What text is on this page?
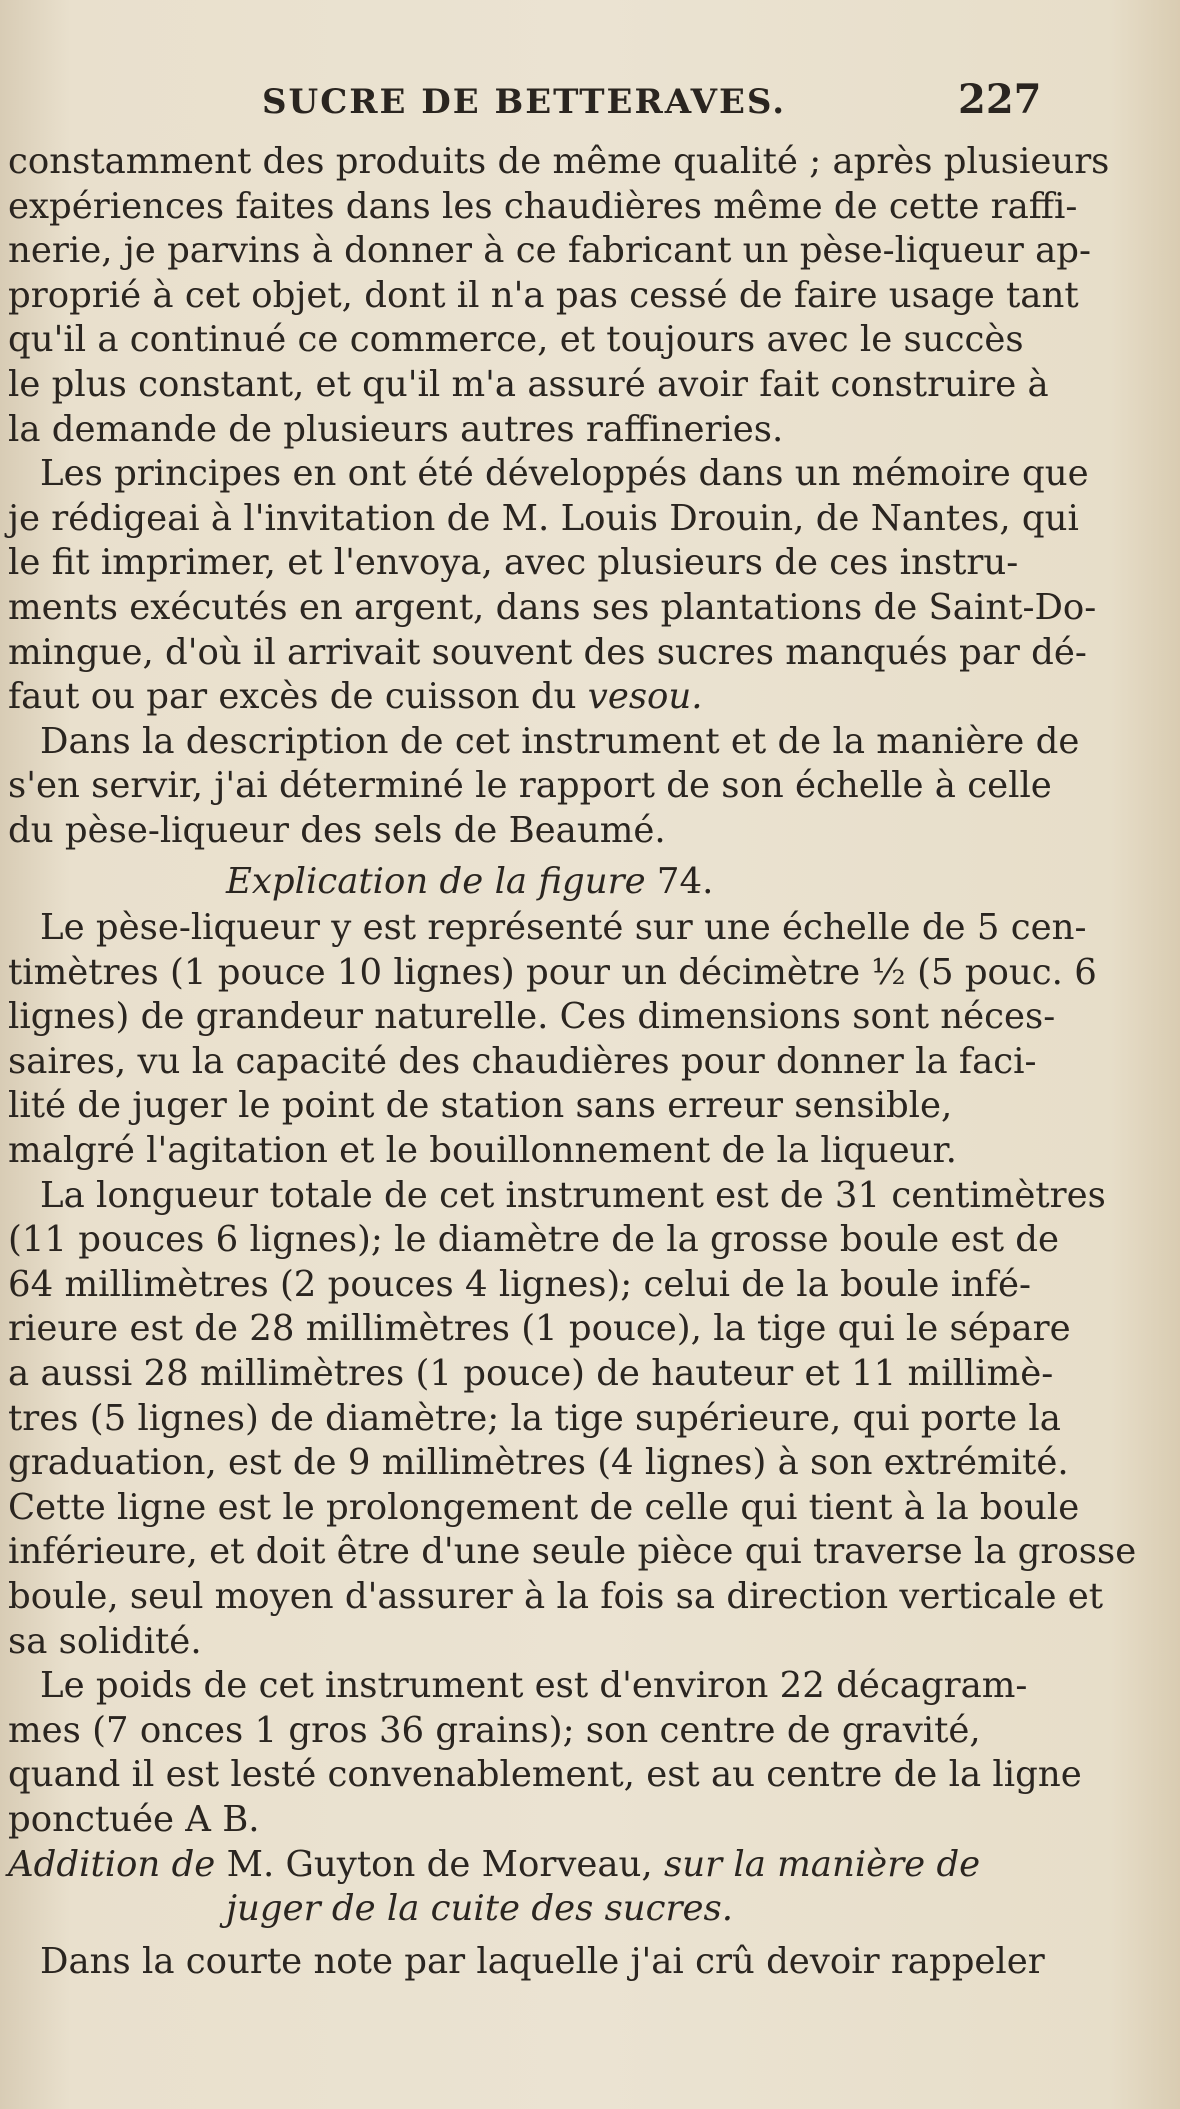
SUCRE DE BETTERAVES.	227
constamment des produits de même qualité ; après plusieurs
expériences faites dans les chaudières même de cette raffi-
nerie, je parvins à donner à ce fabricant un pèse-liqueur ap-
proprié à cet objet, dont il n'a pas cessé de faire usage tant
qu'il a continué ce commerce, et toujours avec le succès
le plus constant, et qu'il m'a assuré avoir fait construire à
la demande de plusieurs autres raffineries.
Les principes en ont été développés dans un mémoire que
je rédigeai à l'invitation de M. Louis Drouin, de Nantes, qui
le fit imprimer, et l'envoya, avec plusieurs de ces instru-
ments exécutés en argent, dans ses plantations de Saint-Do-
mingue, d'où il arrivait souvent des sucres manqués par dé-
faut ou par excès de cuisson du vesou.
Dans la description de cet instrument et de la manière de
s'en servir, j'ai déterminé le rapport de son échelle à celle
du pèse-liqueur des sels de Beaumé.
Explication de la figure 74.
Le pèse-liqueur y est représenté sur une échelle de 5 cen-
timètres (1 pouce 10 lignes) pour un décimètre ½ (5 pouc. 6
lignes) de grandeur naturelle. Ces dimensions sont néces-
saires, vu la capacité des chaudières pour donner la faci-
lité de juger le point de station sans erreur sensible,
malgré l'agitation et le bouillonnement de la liqueur.
La longueur totale de cet instrument est de 31 centimètres
(11 pouces 6 lignes); le diamètre de la grosse boule est de
64 millimètres (2 pouces 4 lignes); celui de la boule infé-
rieure est de 28 millimètres (1 pouce), la tige qui le sépare
a aussi 28 millimètres (1 pouce) de hauteur et 11 millimè-
tres (5 lignes) de diamètre; la tige supérieure, qui porte la
graduation, est de 9 millimètres (4 lignes) à son extrémité.
Cette ligne est le prolongement de celle qui tient à la boule
inférieure, et doit être d'une seule pièce qui traverse la grosse
boule, seul moyen d'assurer à la fois sa direction verticale et
sa solidité.
Le poids de cet instrument est d'environ 22 décagram-
mes (7 onces 1 gros 36 grains); son centre de gravité,
quand il est lesté convenablement, est au centre de la ligne
ponctuée A B.
Addition de M. Guyton de Morveau, sur la manière de
juger de la cuite des sucres.
Dans la courte note par laquelle j'ai crû devoir rappeler
